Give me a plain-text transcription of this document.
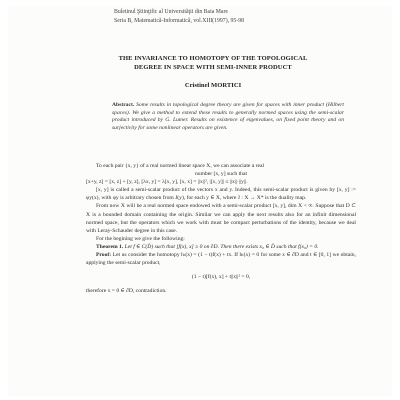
Buletinul Ştiinţific al Universităţii din Baia Mare
Seria B, Matematică-Informatică, vol.XIII(1997), 95-98
THE INVARIANCE TO HOMOTOPY OF THE TOPOLOGICAL
DEGREE IN SPACE WITH SEMI-INNER PRODUCT
Cristinel MORTICI
Abstract. Some results in topological degree theory are given for spaces with inner product (Hilbert spaces). We give a method to extend these results to generally normed spaces using the semi-scalar product introduced by G. Lumer. Results on existence of eigenvalues, on fixed point theory and on surjectivity for some nonlinear operators are given.

To each pair {x, y} of a real normed linear space X, we can associate a real

number [x, y] such that

[x+y, z] = [x, z] + [y, z], [λx, y] = λ[x, y], [x, x] = ||x||², |[x, y]| ≤ ||x||·||y||.

[x, y] is called a semi-scalar product of the vectors x and y. Indeed, this semi-scalar product is given by [x, y] := φy(x), with φy is arbitrary chosen from J(y), for each y ∈ X, where J : X → X* is the duality map.

From now X will be a real normed space endowed with a semi-scalar product [x, y], dim X < ∞. Suppose that D ⊂ X is a bounded domain containing the origin. Similar we can apply the next results also for an infinit dimensional normed space, but the operators which we work with must be compact perturbations of the identity, because we deal with Leray-Schauder degree in this case.

For the begining we give the following:

Theorem 1. Let f ∈ C(D̄) such that [f(x), x] ≥ 0 on ∂D. Then there exists x₀ ∈ D̄ such that f(x₀) = 0.

Proof: Let us consider the homotopy hₜ(x) = (1 − t)f(x) + tx. If hₜ(x) = 0 for some x ∈ ∂D and t ∈ [0, 1] we obtain, applying the semi-scalar product,

(1 − t)[f(x), x] + t||x||² = 0,

therefore x = 0 ∈ ∂D, contradiction.
